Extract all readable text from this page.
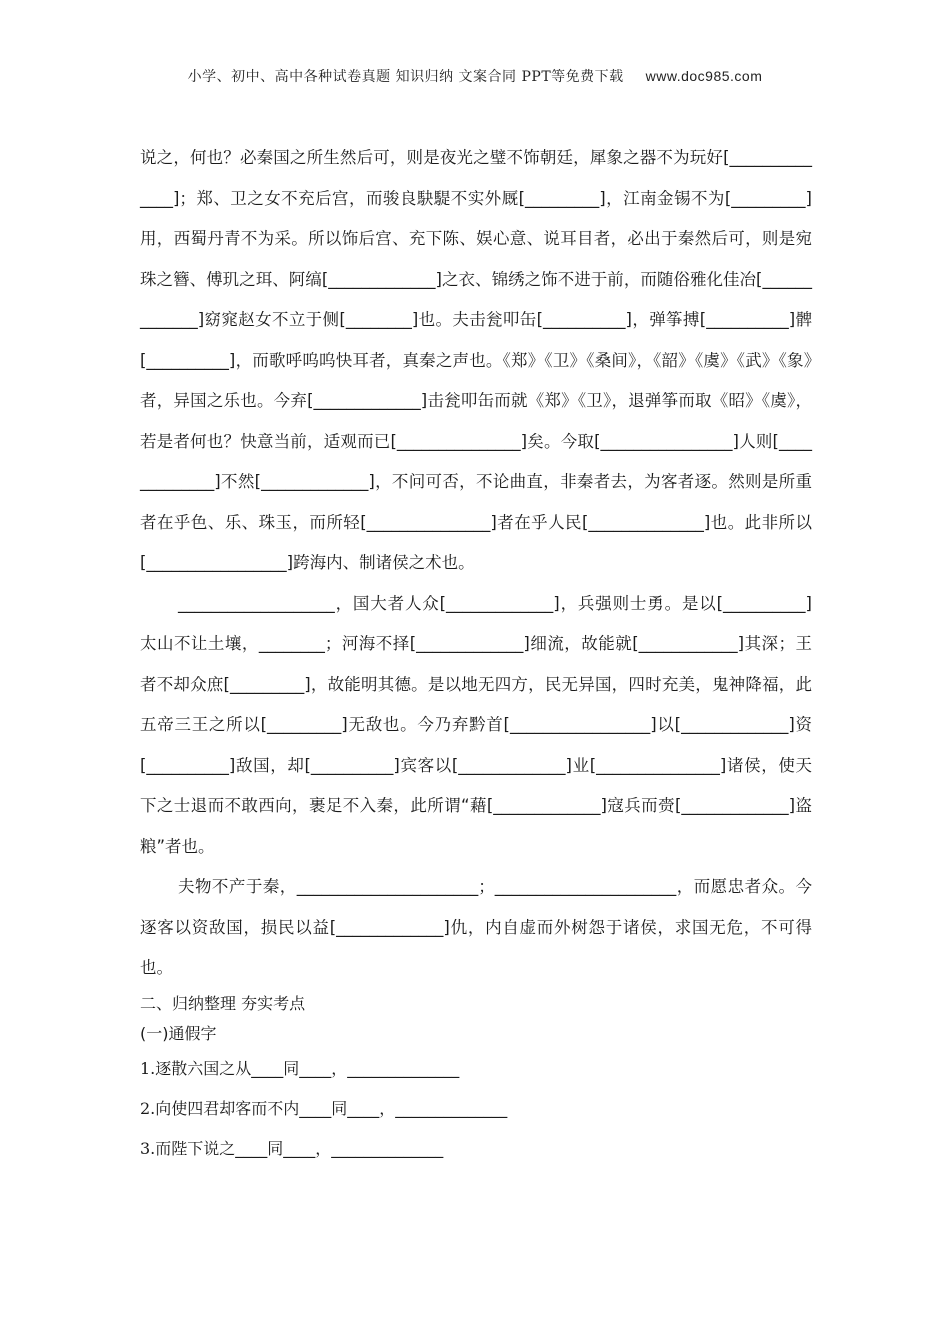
小学、初中、高中各种试卷真题 知识归纳 文案合同 PPT等免费下载 www.doc985.com

说之，何也？必秦国之所生然后可，则是夜光之璧不饰朝廷，犀象之器不为玩好[______________]；郑、卫之女不充后宫，而骏良駃騠不实外厩[_________]，江南金锡不为[_________]用，西蜀丹青不为采。所以饰后宫、充下陈、娱心意、说耳目者，必出于秦然后可，则是宛珠之簪、傅玑之珥、阿缟[_____________]之衣、锦绣之饰不进于前，而随俗雅化佳冶[_____________]窈窕赵女不立于侧[________]也。夫击瓮叩缶[__________]，弹筝搏[__________]髀[__________]，而歌呼呜呜快耳者，真秦之声也。《郑》《卫》《桑间》，《韶》《虞》《武》《象》者，异国之乐也。今弃[_____________]击瓮叩缶而就《郑》《卫》，退弹筝而取《昭》《虞》，若是者何也？快意当前，适观而已[_______________]矣。今取[________________]人则[_____________]不然[_____________]，不问可否，不论曲直，非秦者去，为客者逐。然则是所重者在乎色、乐、珠玉，而所轻[_______________]者在乎人民[______________]也。此非所以[_________________]跨海内、制诸侯之术也。

___________________，国大者人众[_____________]，兵强则士勇。是以[__________]太山不让土壤，________；河海不择[_____________]细流，故能就[____________]其深；王者不却众庶[_________]，故能明其德。是以地无四方，民无异国，四时充美，鬼神降福，此五帝三王之所以[_________]无敌也。今乃弃黔首[_________________]以[_____________]资[__________]敌国，却[__________]宾客以[_____________]业[_______________]诸侯，使天下之士退而不敢西向，裹足不入秦，此所谓“藉[_____________]寇兵而赍[_____________]盗粮”者也。

夫物不产于秦，______________________；______________________，而愿忠者众。今逐客以资敌国，损民以益[_____________]仇，内自虚而外树怨于诸侯，求国无危，不可得也。

二、归纳整理 夯实考点

(一)通假字

1.逐散六国之从____同____，______________

2.向使四君却客而不内____同____，______________

3.而陛下说之____同____，______________
